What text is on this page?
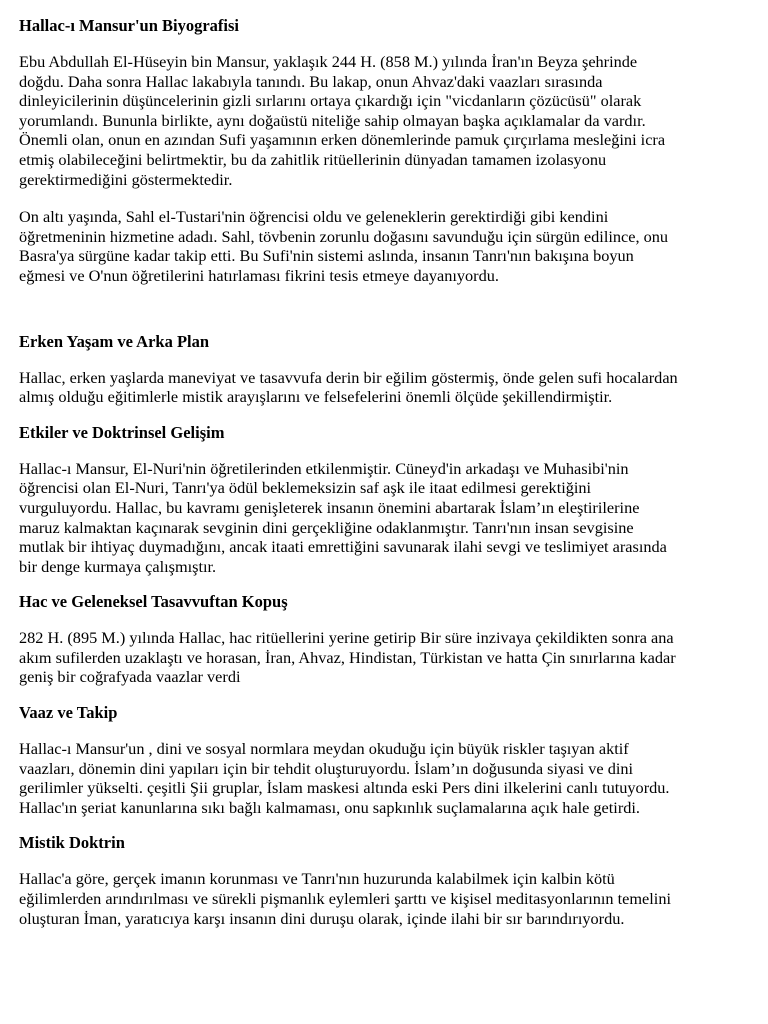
Hallac-ı Mansur'un Biyografisi

Ebu Abdullah El-Hüseyin bin Mansur, yaklaşık 244 H. (858 M.) yılında İran'ın Beyza şehrinde
doğdu. Daha sonra Hallac lakabıyla tanındı. Bu lakap, onun Ahvaz'daki vaazları sırasında
dinleyicilerinin düşüncelerinin gizli sırlarını ortaya çıkardığı için "vicdanların çözücüsü" olarak
yorumlandı. Bununla birlikte, aynı doğaüstü niteliğe sahip olmayan başka açıklamalar da vardır.
Önemli olan, onun en azından Sufi yaşamının erken dönemlerinde pamuk çırçırlama mesleğini icra
etmiş olabileceğini belirtmektir, bu da zahitlik ritüellerinin dünyadan tamamen izolasyonu
gerektirmediğini göstermektedir.

On altı yaşında, Sahl el-Tustari'nin öğrencisi oldu ve geleneklerin gerektirdiği gibi kendini
öğretmeninin hizmetine adadı. Sahl, tövbenin zorunlu doğasını savunduğu için sürgün edilince, onu
Basra'ya sürgüne kadar takip etti. Bu Sufi'nin sistemi aslında, insanın Tanrı'nın bakışına boyun
eğmesi ve O'nun öğretilerini hatırlaması fikrini tesis etmeye dayanıyordu.

Erken Yaşam ve Arka Plan

Hallac, erken yaşlarda maneviyat ve tasavvufa derin bir eğilim göstermiş, önde gelen sufi hocalardan
almış olduğu eğitimlerle mistik arayışlarını ve felsefelerini önemli ölçüde şekillendirmiştir.

Etkiler ve Doktrinsel Gelişim

Hallac-ı Mansur, El-Nuri'nin öğretilerinden etkilenmiştir. Cüneyd'in arkadaşı ve Muhasibi'nin
öğrencisi olan El-Nuri, Tanrı'ya ödül beklemeksizin saf aşk ile itaat edilmesi gerektiğini
vurguluyordu. Hallac, bu kavramı genişleterek insanın önemini abartarak İslam’ın eleştirilerine
maruz kalmaktan kaçınarak sevginin dini gerçekliğine odaklanmıştır. Tanrı'nın insan sevgisine
mutlak bir ihtiyaç duymadığını, ancak itaati emrettiğini savunarak ilahi sevgi ve teslimiyet arasında
bir denge kurmaya çalışmıştır.

Hac ve Geleneksel Tasavvuftan Kopuş

282 H. (895 M.) yılında Hallac, hac ritüellerini yerine getirip Bir süre inzivaya çekildikten sonra ana
akım sufilerden uzaklaştı ve horasan, İran, Ahvaz, Hindistan, Türkistan ve hatta Çin sınırlarına kadar
geniş bir coğrafyada vaazlar verdi

Vaaz ve Takip

Hallac-ı Mansur'un , dini ve sosyal normlara meydan okuduğu için büyük riskler taşıyan aktif
vaazları, dönemin dini yapıları için bir tehdit oluşturuyordu. İslam’ın doğusunda siyasi ve dini
gerilimler yükselti. çeşitli Şii gruplar, İslam maskesi altında eski Pers dini ilkelerini canlı tutuyordu.
Hallac'ın şeriat kanunlarına sıkı bağlı kalmaması, onu sapkınlık suçlamalarına açık hale getirdi.

Mistik Doktrin

Hallac'a göre, gerçek imanın korunması ve Tanrı'nın huzurunda kalabilmek için kalbin kötü
eğilimlerden arındırılması ve sürekli pişmanlık eylemleri şarttı ve kişisel meditasyonlarının temelini
oluşturan İman, yaratıcıya karşı insanın dini duruşu olarak, içinde ilahi bir sır barındırıyordu.
